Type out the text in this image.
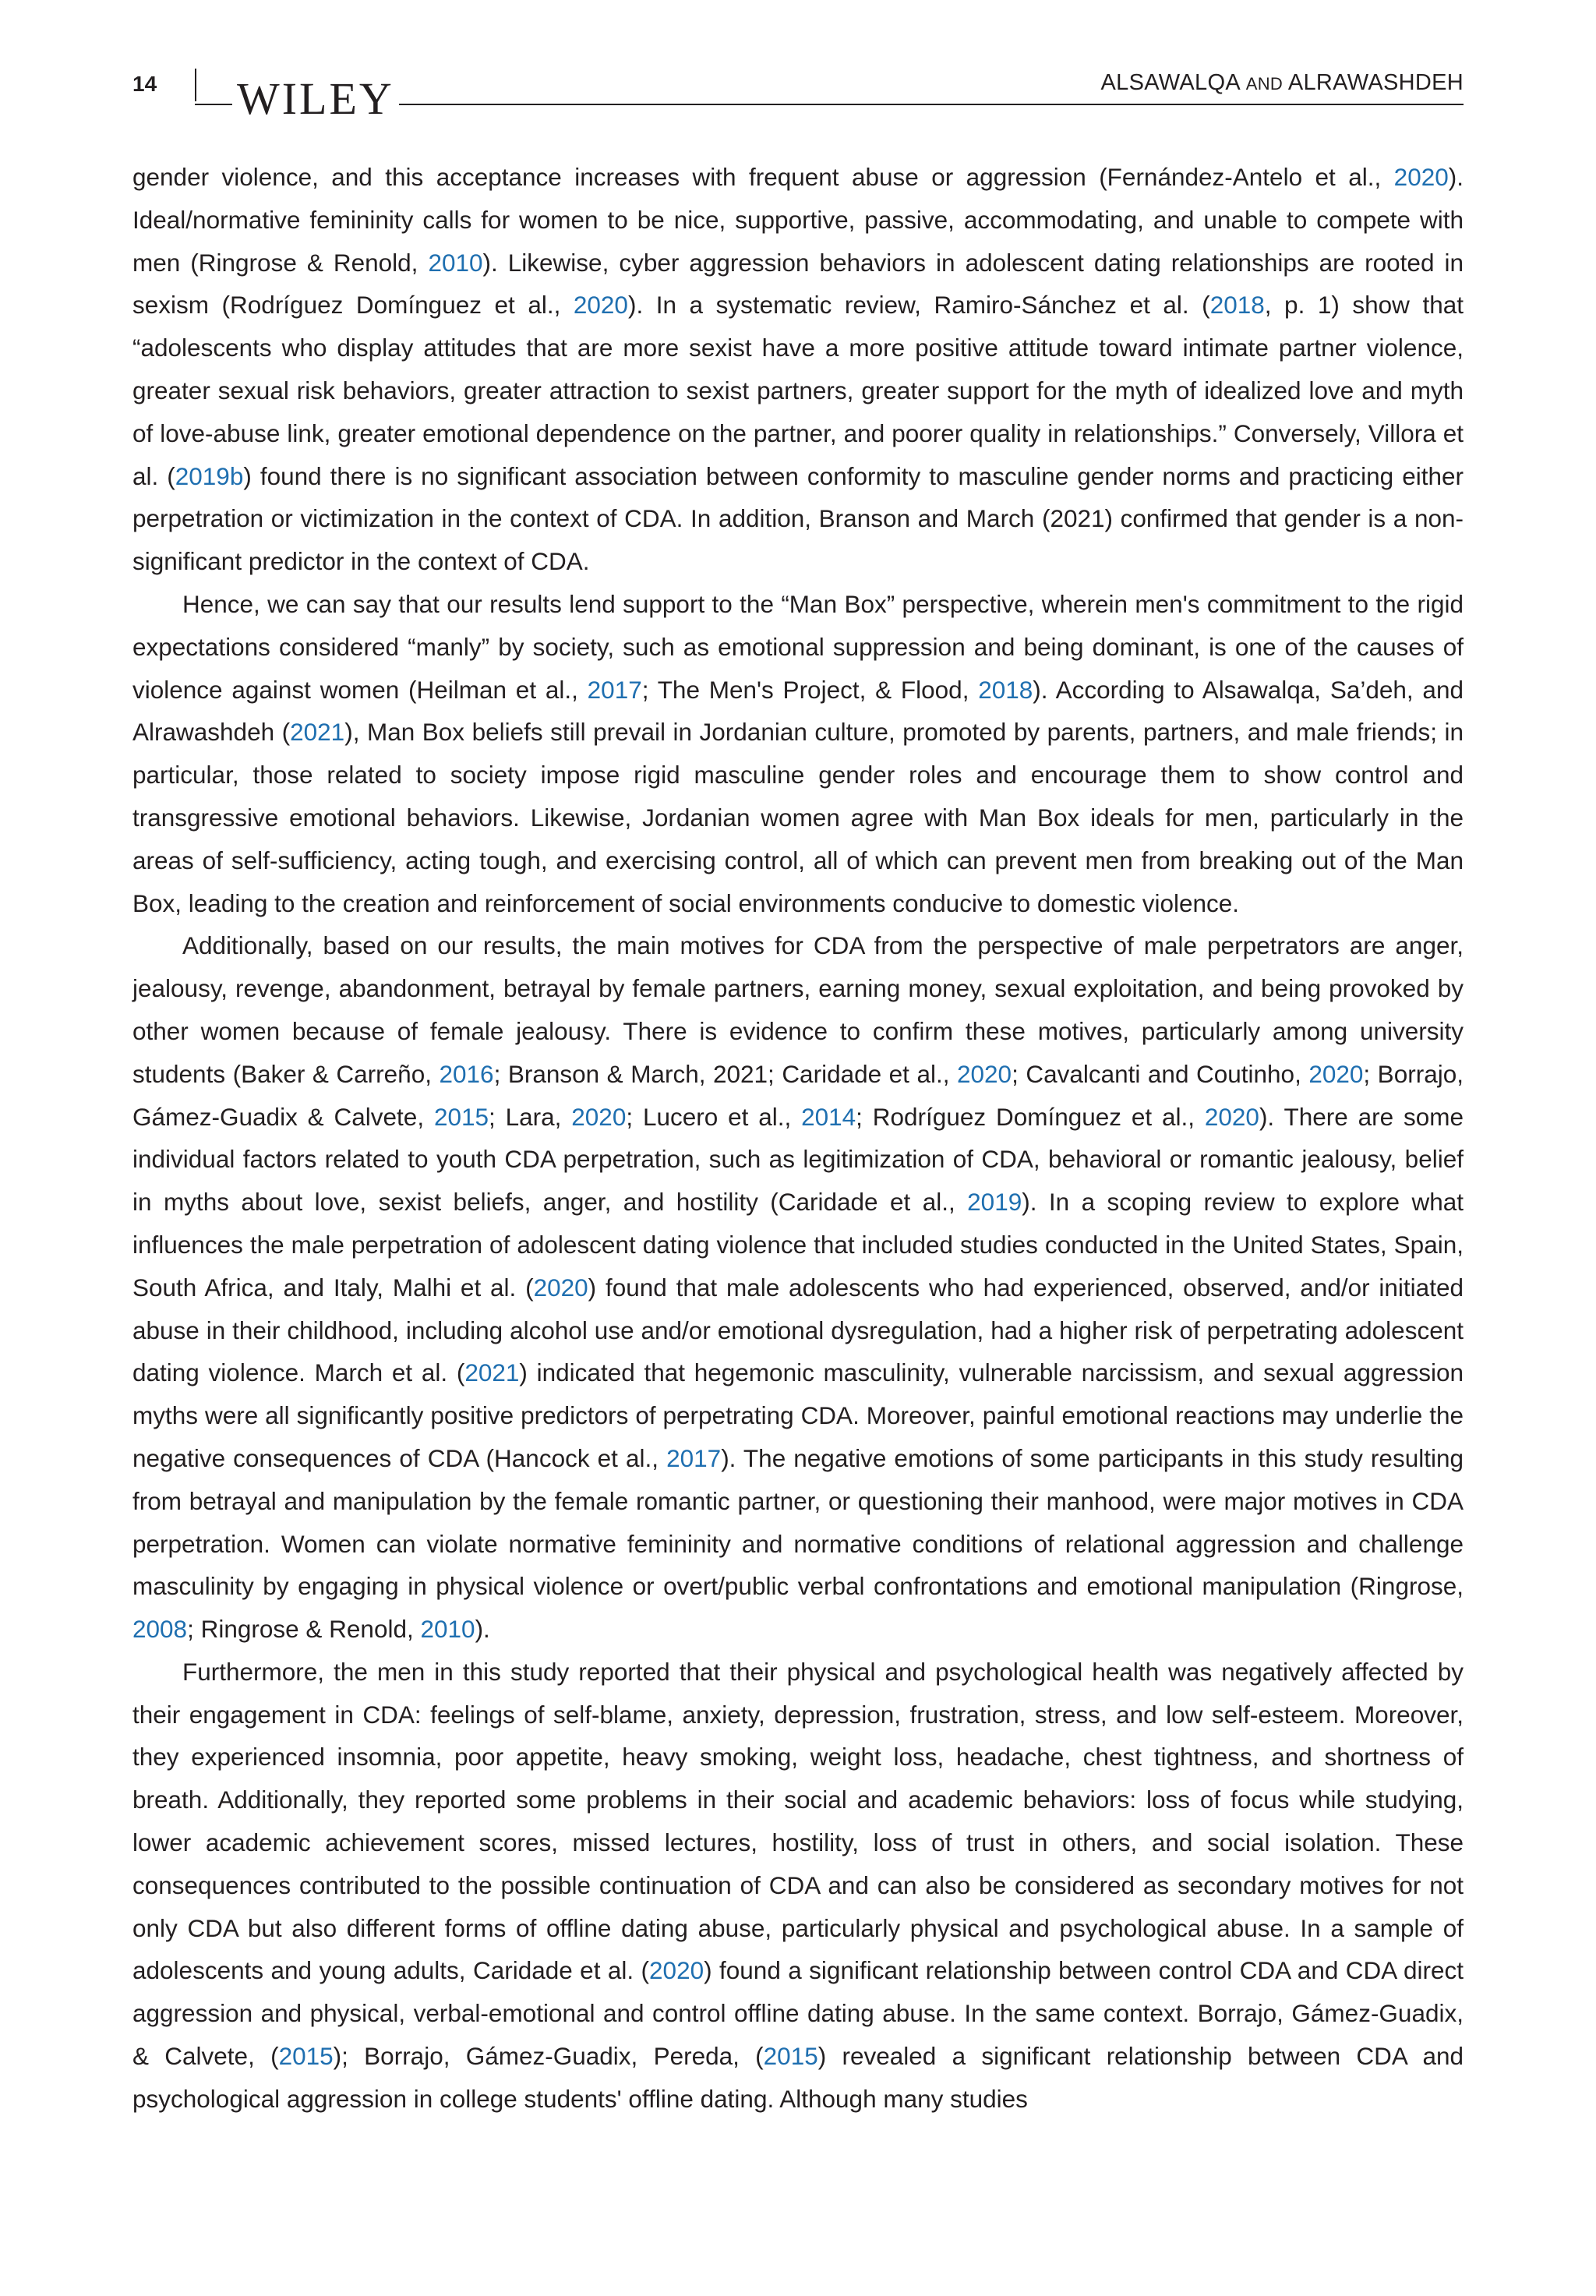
14 WILEY	ALSAWALQA AND ALRAWASHDEH

gender violence, and this acceptance increases with frequent abuse or aggression (Fernández-Antelo et al., 2020). Ideal/normative femininity calls for women to be nice, supportive, passive, accommodating, and unable to compete with men (Ringrose & Renold, 2010). Likewise, cyber aggression behaviors in adolescent dating relationships are rooted in sexism (Rodríguez Domínguez et al., 2020). In a systematic review, Ramiro-Sánchez et al. (2018, p. 1) show that “adolescents who display attitudes that are more sexist have a more positive attitude toward intimate partner violence, greater sexual risk behaviors, greater attraction to sexist partners, greater support for the myth of idealized love and myth of love-abuse link, greater emotional dependence on the partner, and poorer quality in relationships.” Conversely, Villora et al. (2019b) found there is no significant association between conformity to masculine gender norms and practicing either perpetration or victimization in the context of CDA. In addition, Branson and March (2021) confirmed that gender is a non-significant predictor in the context of CDA.

Hence, we can say that our results lend support to the “Man Box” perspective, wherein men's commitment to the rigid expectations considered “manly” by society, such as emotional suppression and being dominant, is one of the causes of violence against women (Heilman et al., 2017; The Men's Project, & Flood, 2018). According to Alsawalqa, Sa’deh, and Alrawashdeh (2021), Man Box beliefs still prevail in Jordanian culture, promoted by parents, partners, and male friends; in particular, those related to society impose rigid masculine gender roles and encourage them to show control and transgressive emotional behaviors. Likewise, Jordanian women agree with Man Box ideals for men, particularly in the areas of self-sufficiency, acting tough, and exercising control, all of which can prevent men from breaking out of the Man Box, leading to the creation and reinforcement of social environments conducive to domestic violence.

Additionally, based on our results, the main motives for CDA from the perspective of male perpetrators are anger, jealousy, revenge, abandonment, betrayal by female partners, earning money, sexual exploitation, and being provoked by other women because of female jealousy. There is evidence to confirm these motives, particularly among university students (Baker & Carreño, 2016; Branson & March, 2021; Caridade et al., 2020; Cavalcanti and Coutinho, 2020; Borrajo, Gámez-Guadix & Calvete, 2015; Lara, 2020; Lucero et al., 2014; Rodríguez Domínguez et al., 2020). There are some individual factors related to youth CDA perpetration, such as legitimization of CDA, behavioral or romantic jealousy, belief in myths about love, sexist beliefs, anger, and hostility (Caridade et al., 2019). In a scoping review to explore what influences the male perpetration of adolescent dating violence that included studies conducted in the United States, Spain, South Africa, and Italy, Malhi et al. (2020) found that male adolescents who had experienced, observed, and/or initiated abuse in their childhood, including alcohol use and/or emotional dysregulation, had a higher risk of perpetrating adolescent dating violence. March et al. (2021) indicated that hegemonic masculinity, vulnerable narcissism, and sexual aggression myths were all significantly positive predictors of perpetrating CDA. Moreover, painful emotional reactions may underlie the negative consequences of CDA (Hancock et al., 2017). The negative emotions of some participants in this study resulting from betrayal and manipulation by the female romantic partner, or questioning their manhood, were major motives in CDA perpetration. Women can violate normative femininity and normative conditions of relational aggression and challenge masculinity by engaging in physical violence or overt/public verbal confrontations and emotional manipulation (Ringrose, 2008; Ringrose & Renold, 2010).

Furthermore, the men in this study reported that their physical and psychological health was negatively affected by their engagement in CDA: feelings of self-blame, anxiety, depression, frustration, stress, and low self-esteem. Moreover, they experienced insomnia, poor appetite, heavy smoking, weight loss, headache, chest tightness, and shortness of breath. Additionally, they reported some problems in their social and academic behaviors: loss of focus while studying, lower academic achievement scores, missed lectures, hostility, loss of trust in others, and social isolation. These consequences contributed to the possible continuation of CDA and can also be considered as secondary motives for not only CDA but also different forms of offline dating abuse, particularly physical and psychological abuse. In a sample of adolescents and young adults, Caridade et al. (2020) found a significant relationship between control CDA and CDA direct aggression and physical, verbal-emotional and control offline dating abuse. In the same context. Borrajo, Gámez-Guadix, & Calvete, (2015); Borrajo, Gámez-Guadix, Pereda, (2015) revealed a significant relationship between CDA and psychological aggression in college students' offline dating. Although many studies
